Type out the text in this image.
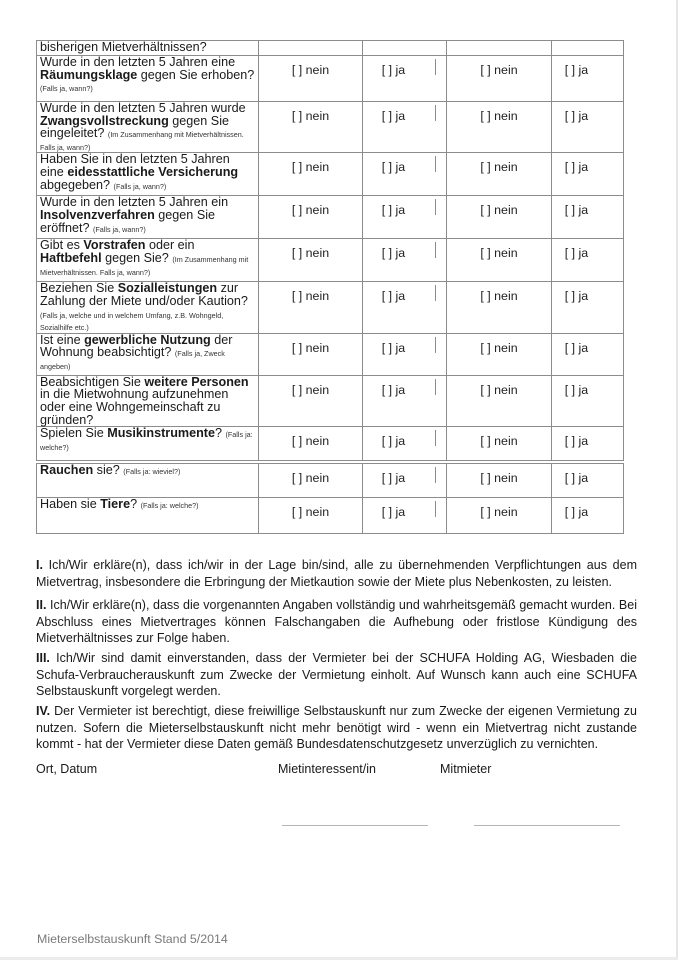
bisherigen Mietverhältnissen?				
Wurde in den letzten 5 Jahren eine Räumungsklage gegen Sie erhoben? (Falls ja, wann?)	[ ] nein	[ ] ja	[ ] nein	[ ] ja
Wurde in den letzten 5 Jahren wurde Zwangsvollstreckung gegen Sie eingeleitet? (Im Zusammenhang mit Mietverhältnissen. Falls ja, wann?)	[ ] nein	[ ] ja	[ ] nein	[ ] ja
Haben Sie in den letzten 5 Jahren eine eidesstattliche Versicherung abgegeben? (Falls ja, wann?)	[ ] nein	[ ] ja	[ ] nein	[ ] ja
Wurde in den letzten 5 Jahren ein Insolvenzverfahren gegen Sie eröffnet? (Falls ja, wann?)	[ ] nein	[ ] ja	[ ] nein	[ ] ja
Gibt es Vorstrafen oder ein Haftbefehl gegen Sie? (Im Zusammenhang mit Mietverhältnissen. Falls ja, wann?)	[ ] nein	[ ] ja	[ ] nein	[ ] ja
Beziehen Sie Sozialleistungen zur Zahlung der Miete und/oder Kaution? (Falls ja, welche und in welchem Umfang, z.B. Wohngeld, Sozialhilfe etc.)	[ ] nein	[ ] ja	[ ] nein	[ ] ja
Ist eine gewerbliche Nutzung der Wohnung beabsichtigt? (Falls ja, Zweck angeben)	[ ] nein	[ ] ja	[ ] nein	[ ] ja
Beabsichtigen Sie weitere Personen in die Mietwohnung aufzunehmen oder eine Wohngemeinschaft zu gründen?	[ ] nein	[ ] ja	[ ] nein	[ ] ja
Spielen Sie Musikinstrumente? (Falls ja: welche?)	[ ] nein	[ ] ja	[ ] nein	[ ] ja
Rauchen sie? (Falls ja: wieviel?)	[ ] nein	[ ] ja	[ ] nein	[ ] ja
Haben sie Tiere? (Falls ja: welche?)	[ ] nein	[ ] ja	[ ] nein	[ ] ja
I. Ich/Wir erkläre(n), dass ich/wir in der Lage bin/sind, alle zu übernehmenden Verpflichtungen aus dem Mietvertrag, insbesondere die Erbringung der Mietkaution sowie der Miete plus Nebenkosten, zu leisten.
II. Ich/Wir erkläre(n), dass die vorgenannten Angaben vollständig und wahrheitsgemäß gemacht wurden. Bei Abschluss eines Mietvertrages können Falschangaben die Aufhebung oder fristlose Kündigung des Mietverhältnisses zur Folge haben.
III. Ich/Wir sind damit einverstanden, dass der Vermieter bei der SCHUFA Holding AG, Wiesbaden die Schufa-Verbraucherauskunft zum Zwecke der Vermietung einholt. Auf Wunsch kann auch eine SCHUFA Selbstauskunft vorgelegt werden.
IV. Der Vermieter ist berechtigt, diese freiwillige Selbstauskunft nur zum Zwecke der eigenen Vermietung zu nutzen. Sofern die Mieterselbstauskunft nicht mehr benötigt wird - wenn ein Mietvertrag nicht zustande kommt - hat der Vermieter diese Daten gemäß Bundesdatenschutzgesetz unverzüglich zu vernichten.
Ort, Datum	Mietinteressent/in	Mitmieter
Mieterselbstauskunft Stand 5/2014
